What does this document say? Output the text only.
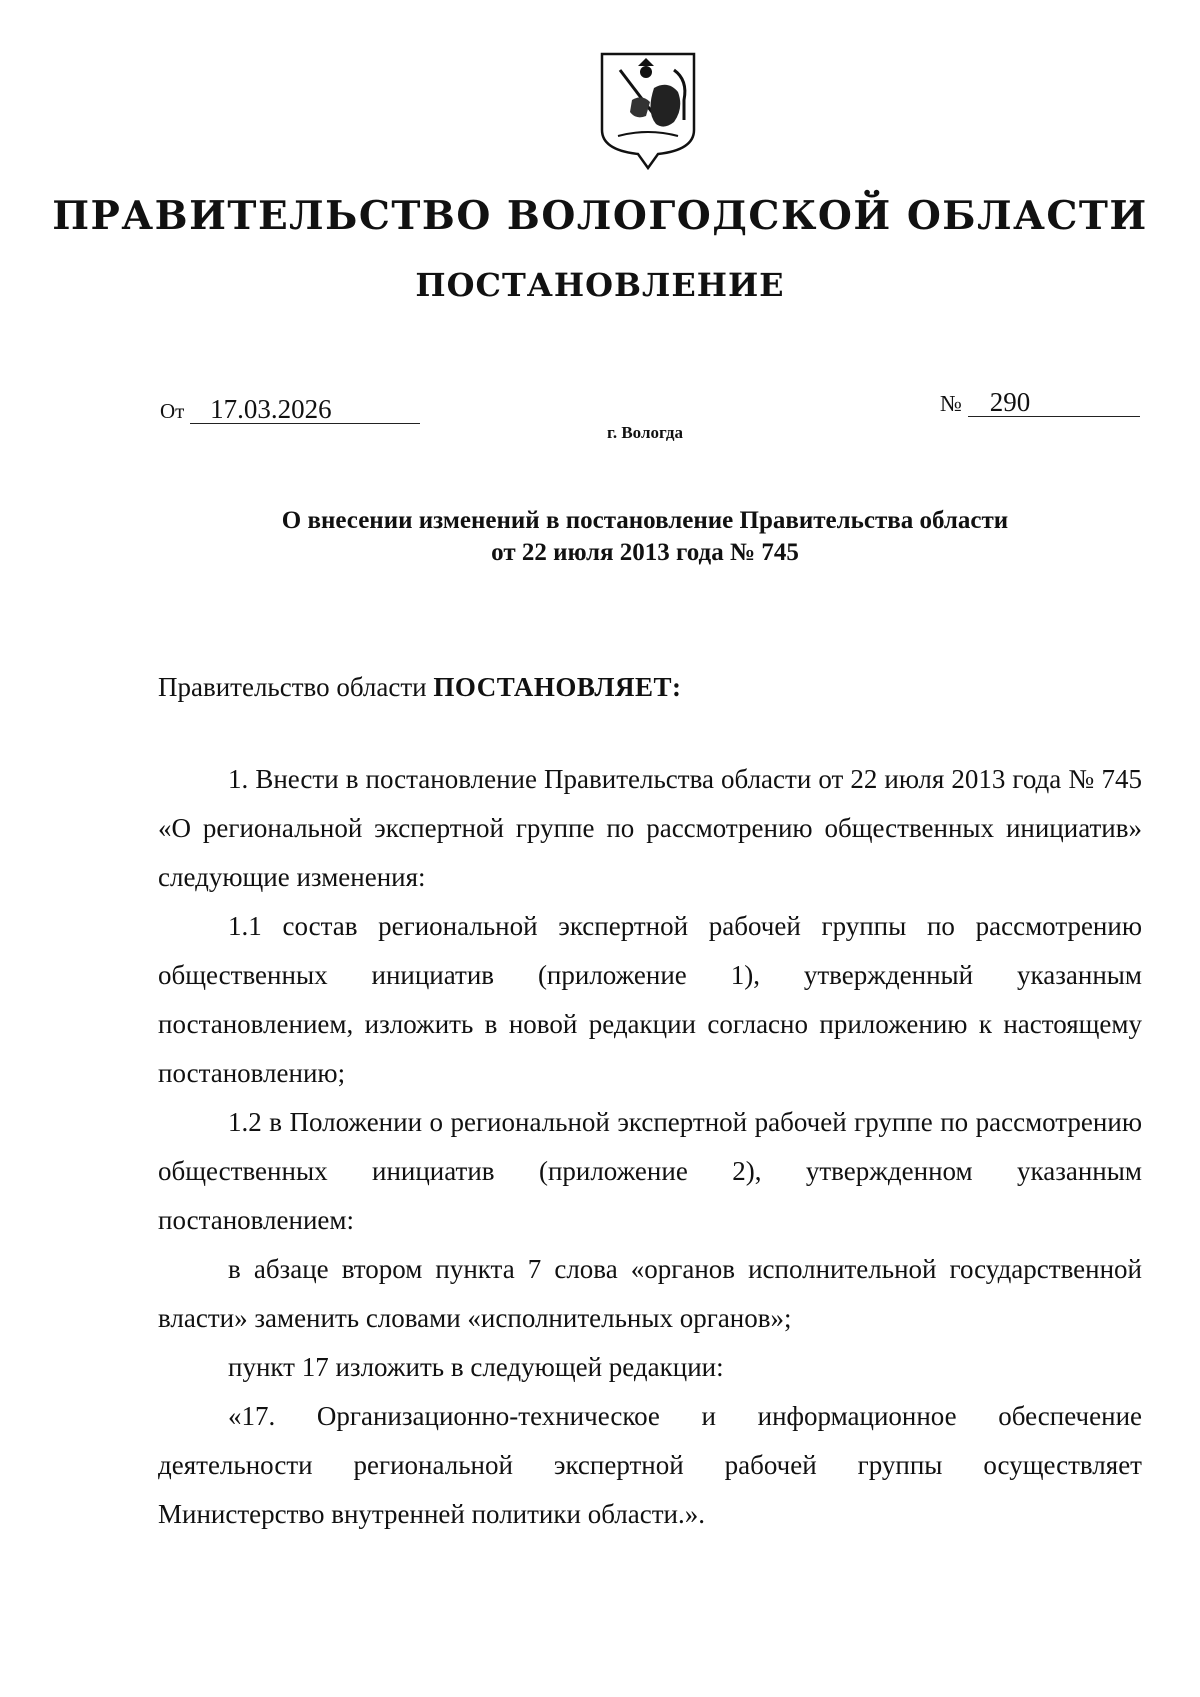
ПРАВИТЕЛЬСТВО ВОЛОГОДСКОЙ ОБЛАСТИ
ПОСТАНОВЛЕНИЕ
От 17.03.2026	№ 290
г. Вологда
О внесении изменений в постановление Правительства области
от 22 июля 2013 года № 745
Правительство области ПОСТАНОВЛЯЕТ:

1. Внести в постановление Правительства области от 22 июля 2013 года № 745 «О региональной экспертной группе по рассмотрению общественных инициатив» следующие изменения:

1.1 состав региональной экспертной рабочей группы по рассмотрению общественных инициатив (приложение 1), утвержденный указанным постановлением, изложить в новой редакции согласно приложению к настоящему постановлению;

1.2 в Положении о региональной экспертной рабочей группе по рассмотрению общественных инициатив (приложение 2), утвержденном указанным постановлением:

в абзаце втором пункта 7 слова «органов исполнительной государственной власти» заменить словами «исполнительных органов»;

пункт 17 изложить в следующей редакции:

«17. Организационно-техническое и информационное обеспечение деятельности региональной экспертной рабочей группы осуществляет Министерство внутренней политики области.».
